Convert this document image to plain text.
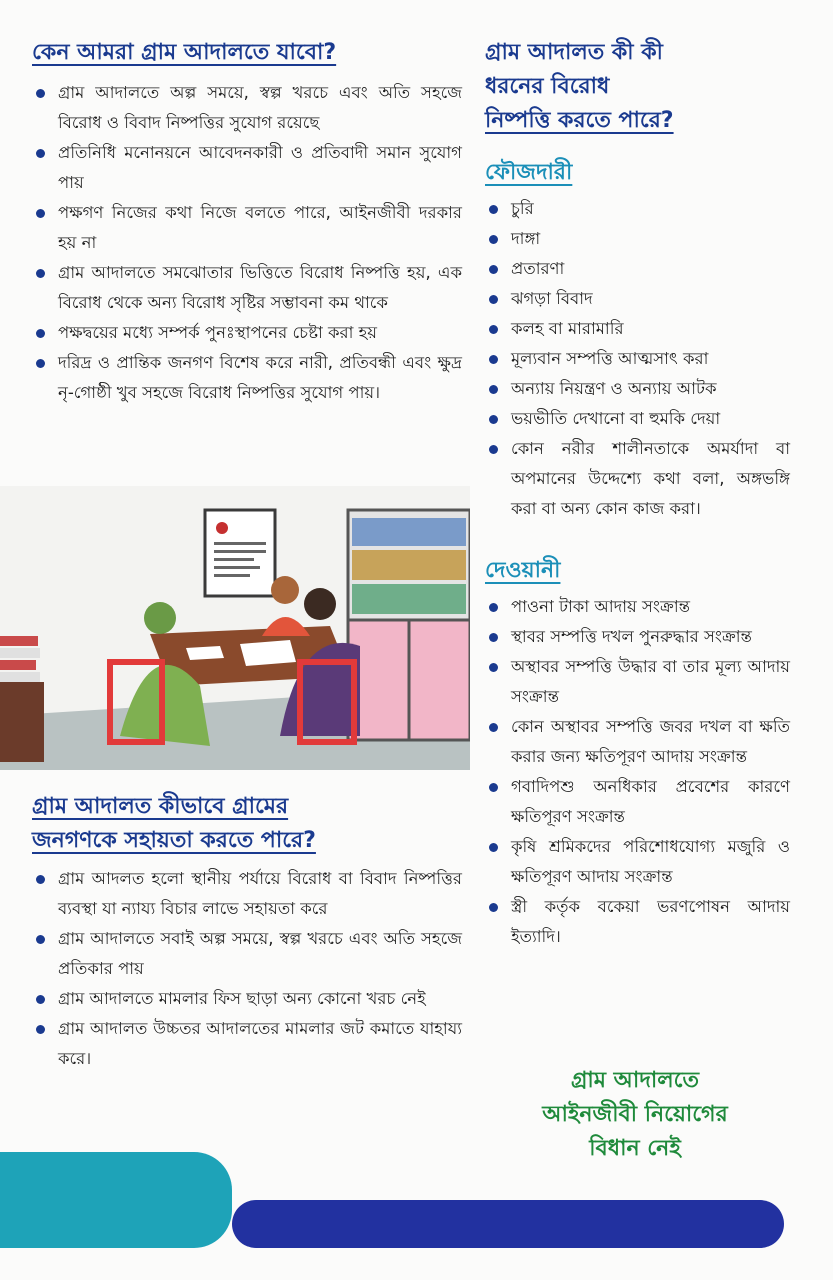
কেন আমরা গ্রাম আদালতে যাবো?
গ্রাম আদালতে অল্প সময়ে, স্বল্প খরচে এবং অতি সহজে বিরোধ ও বিবাদ নিষ্পত্তির সুযোগ রয়েছে
প্রতিনিধি মনোনয়নে আবেদনকারী ও প্রতিবাদী সমান সুযোগ পায়
পক্ষগণ নিজের কথা নিজে বলতে পারে, আইনজীবী দরকার হয় না
গ্রাম আদালতে সমঝোতার ভিত্তিতে বিরোধ নিষ্পত্তি হয়, এক বিরোধ থেকে অন্য বিরোধ সৃষ্টির সম্ভাবনা কম থাকে
পক্ষদ্বয়ের মধ্যে সম্পর্ক পুনঃস্থাপনের চেষ্টা করা হয়
দরিদ্র ও প্রান্তিক জনগণ বিশেষ করে নারী, প্রতিবন্ধী এবং ক্ষুদ্র নৃ-গোষ্ঠী খুব সহজে বিরোধ নিষ্পত্তির সুযোগ পায়।
গ্রাম আদালত কীভাবে গ্রামের
জনগণকে সহায়তা করতে পারে?
গ্রাম আদলত হলো স্থানীয় পর্যায়ে বিরোধ বা বিবাদ নিষ্পত্তির ব্যবস্থা যা ন্যায্য বিচার লাভে সহায়তা করে
গ্রাম আদালতে সবাই অল্প সময়ে, স্বল্প খরচে এবং অতি সহজে প্রতিকার পায়
গ্রাম আদালতে মামলার ফিস ছাড়া অন্য কোনো খরচ নেই
গ্রাম আদালত উচ্চতর আদালতের মামলার জট কমাতে যাহায্য করে।
গ্রাম আদালত কী কী
ধরনের বিরোধ
নিষ্পত্তি করতে পারে?
ফৌজদারী
চুরি
দাঙ্গা
প্রতারণা
ঝগড়া বিবাদ
কলহ বা মারামারি
মূল্যবান সম্পত্তি আত্মসাৎ করা
অন্যায় নিয়ন্ত্রণ ও অন্যায় আটক
ভয়ভীতি দেখানো বা হুমকি দেয়া
কোন নরীর শালীনতাকে অমর্যাদা বা অপমানের উদ্দেশ্যে কথা বলা, অঙ্গভঙ্গি করা বা অন্য কোন কাজ করা।
দেওয়ানী
পাওনা টাকা আদায় সংক্রান্ত
স্থাবর সম্পত্তি দখল পুনরুদ্ধার সংক্রান্ত
অস্থাবর সম্পত্তি উদ্ধার বা তার মূল্য আদায় সংক্রান্ত
কোন অস্থাবর সম্পত্তি জবর দখল বা ক্ষতি করার জন্য ক্ষতিপূরণ আদায় সংক্রান্ত
গবাদিপশু অনধিকার প্রবেশের কারণে ক্ষতিপূরণ সংক্রান্ত
কৃষি শ্রমিকদের পরিশোধযোগ্য মজুরি ও ক্ষতিপূরণ আদায় সংক্রান্ত
স্ত্রী কর্তৃক বকেয়া ভরণপোষন আদায় ইত্যাদি।
গ্রাম আদালতে
আইনজীবী নিয়োগের
বিধান নেই
